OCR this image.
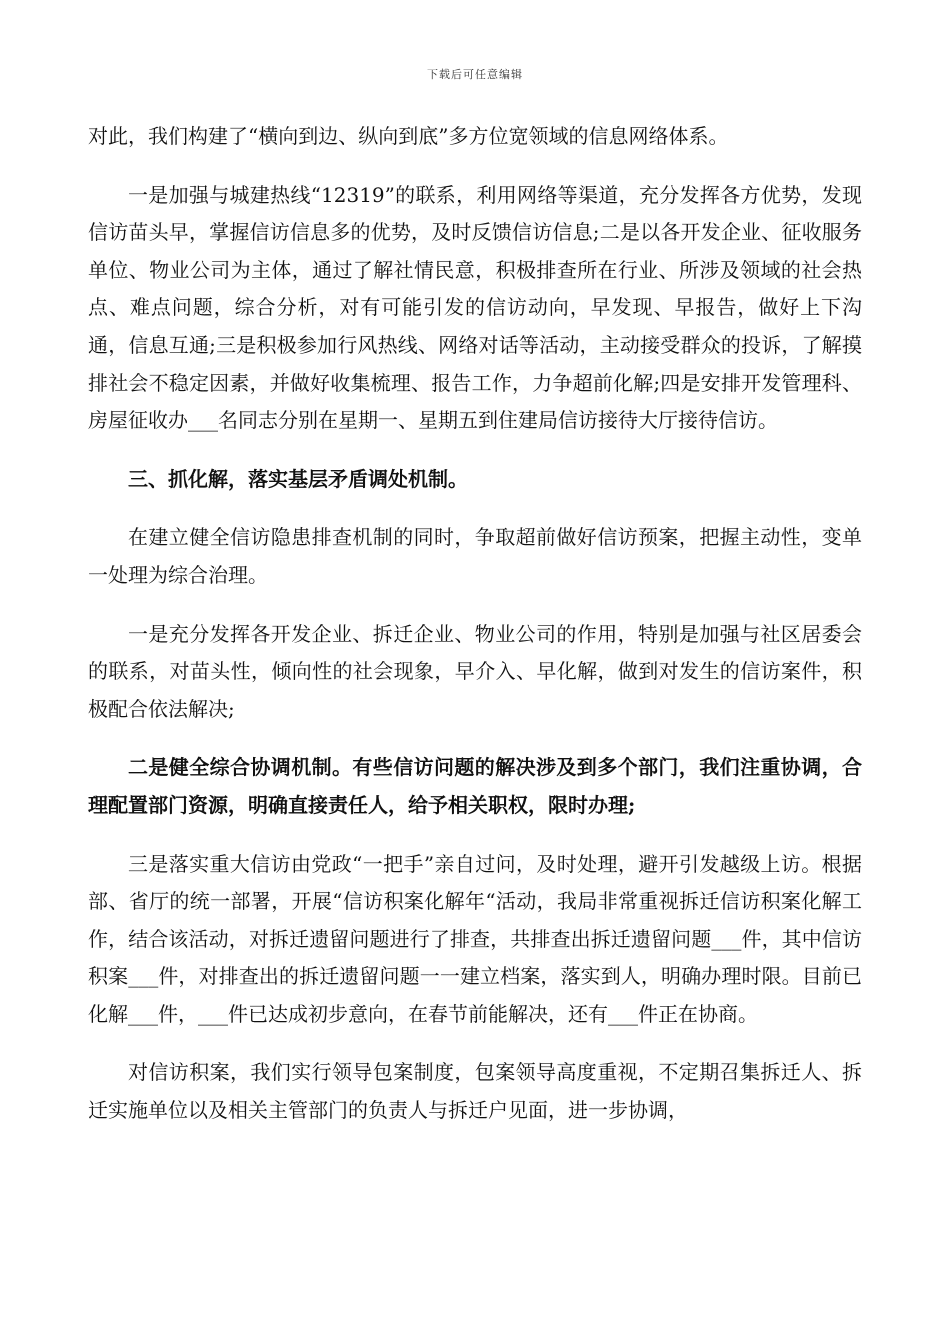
下载后可任意编辑

对此，我们构建了“横向到边、纵向到底”多方位宽领域的信息网络体系。

一是加强与城建热线“12319”的联系，利用网络等渠道，充分发挥各方优势，发现信访苗头早，掌握信访信息多的优势，及时反馈信访信息;二是以各开发企业、征收服务单位、物业公司为主体，通过了解社情民意，积极排查所在行业、所涉及领域的社会热点、难点问题，综合分析，对有可能引发的信访动向，早发现、早报告，做好上下沟通，信息互通;三是积极参加行风热线、网络对话等活动，主动接受群众的投诉，了解摸排社会不稳定因素，并做好收集梳理、报告工作，力争超前化解;四是安排开发管理科、房屋征收办___名同志分别在星期一、星期五到住建局信访接待大厅接待信访。

三、抓化解，落实基层矛盾调处机制。

在建立健全信访隐患排查机制的同时，争取超前做好信访预案，把握主动性，变单一处理为综合治理。

一是充分发挥各开发企业、拆迁企业、物业公司的作用，特别是加强与社区居委会的联系，对苗头性，倾向性的社会现象，早介入、早化解，做到对发生的信访案件，积极配合依法解决;

二是健全综合协调机制。有些信访问题的解决涉及到多个部门，我们注重协调，合理配置部门资源，明确直接责任人，给予相关职权，限时办理;

三是落实重大信访由党政“一把手”亲自过问，及时处理，避开引发越级上访。根据部、省厅的统一部署，开展“信访积案化解年“活动，我局非常重视拆迁信访积案化解工作，结合该活动，对拆迁遗留问题进行了排查，共排查出拆迁遗留问题___件，其中信访积案___件，对排查出的拆迁遗留问题一一建立档案，落实到人，明确办理时限。目前已化解___件，___件已达成初步意向，在春节前能解决，还有___件正在协商。

对信访积案，我们实行领导包案制度，包案领导高度重视，不定期召集拆迁人、拆迁实施单位以及相关主管部门的负责人与拆迁户见面，进一步协调，
